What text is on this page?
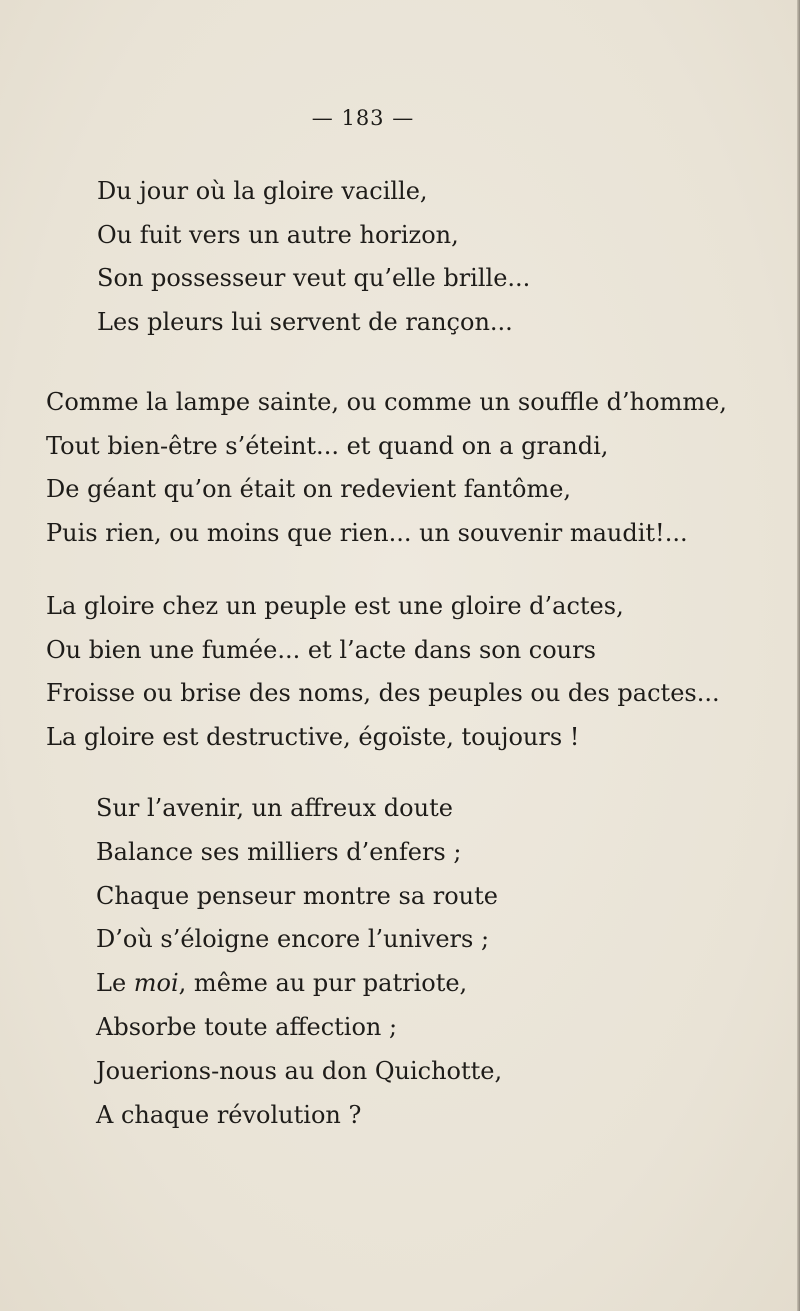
— 183 —
Du jour où la gloire vacille,
Ou fuit vers un autre horizon,
Son possesseur veut qu’elle brille...
Les pleurs lui servent de rançon...
Comme la lampe sainte, ou comme un souffle d’homme,
Tout bien-être s’éteint... et quand on a grandi,
De géant qu’on était on redevient fantôme,
Puis rien, ou moins que rien... un souvenir maudit!...
La gloire chez un peuple est une gloire d’actes,
Ou bien une fumée... et l’acte dans son cours
Froisse ou brise des noms, des peuples ou des pactes...
La gloire est destructive, égoïste, toujours !
Sur l’avenir, un affreux doute
Balance ses milliers d’enfers ;
Chaque penseur montre sa route
D’où s’éloigne encore l’univers ;
Le moi, même au pur patriote,
Absorbe toute affection ;
Jouerions-nous au don Quichotte,
A chaque révolution ?
